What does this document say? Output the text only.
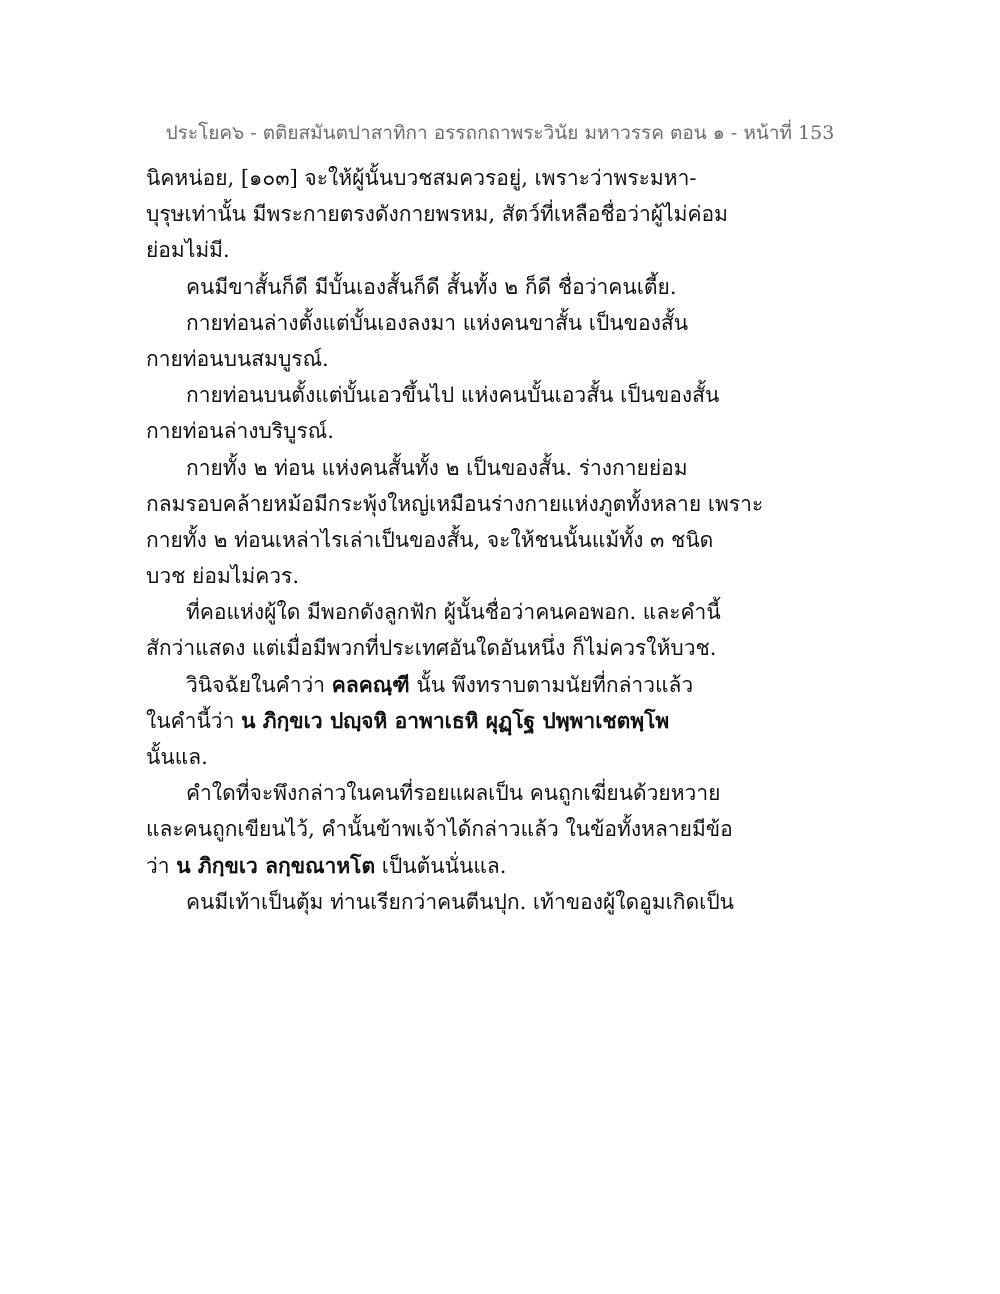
ประโยค๖ - ตติยสมันตปาสาทิกา อรรถกถาพระวินัย มหาวรรค ตอน ๑ - หน้าที่ 153
นิคหน่อย, [๑๐๓] จะให้ผู้นั้นบวชสมควรอยู่, เพราะว่าพระมหา-
บุรุษเท่านั้น มีพระกายตรงดังกายพรหม, สัตว์ที่เหลือชื่อว่าผู้ไม่ค่อม
ย่อมไม่มี.
คนมีขาสั้นก็ดี มีบั้นเองสั้นก็ดี สั้นทั้ง ๒ ก็ดี ชื่อว่าคนเตี้ย.
กายท่อนล่างตั้งแต่บั้นเองลงมา แห่งคนขาสั้น เป็นของสั้น
กายท่อนบนสมบูรณ์.
กายท่อนบนตั้งแต่บั้นเอวขึ้นไป แห่งคนบั้นเอวสั้น เป็นของสั้น
กายท่อนล่างบริบูรณ์.
กายทั้ง ๒ ท่อน แห่งคนสั้นทั้ง ๒ เป็นของสั้น. ร่างกายย่อม
กลมรอบคล้ายหม้อมีกระพุ้งใหญ่เหมือนร่างกายแห่งภูตทั้งหลาย เพราะ
กายทั้ง ๒ ท่อนเหล่าไรเล่าเป็นของสั้น, จะให้ชนนั้นแม้ทั้ง ๓ ชนิด
บวช ย่อมไม่ควร.
ที่คอแห่งผู้ใด มีพอกดังลูกฟัก ผู้นั้นชื่อว่าคนคอพอก. และคำนี้
สักว่าแสดง แต่เมื่อมีพวกที่ประเทศอันใดอันหนึ่ง ก็ไม่ควรให้บวช.
วินิจฉัยในคำว่า คลคณฺฑี นั้น พึงทราบตามนัยที่กล่าวแล้ว
ในคำนี้ว่า น ภิกฺขเว ปญฺจหิ อาพาเธหิ ผุฏฺโฐ ปพฺพาเชตพฺโพ
นั้นแล.
คำใดที่จะพึงกล่าวในคนที่รอยแผลเป็น คนถูกเฆี่ยนด้วยหวาย
และคนถูกเขียนไว้, คำนั้นข้าพเจ้าได้กล่าวแล้ว ในข้อทั้งหลายมีข้อ
ว่า น ภิกฺขเว ลกฺขณาหโต เป็นต้นนั่นแล.
คนมีเท้าเป็นตุ้ม ท่านเรียกว่าคนตีนปุก. เท้าของผู้ใดอูมเกิดเป็น
